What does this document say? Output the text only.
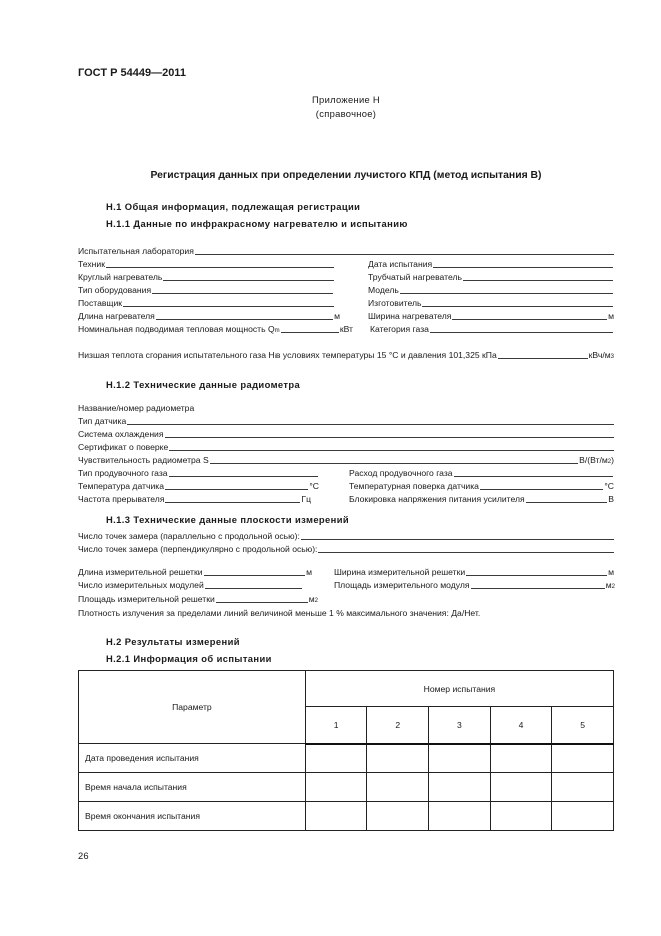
ГОСТ Р 54449—2011
Приложение Н
(справочное)
Регистрация данных при определении лучистого КПД (метод испытания В)
Н.1 Общая информация, подлежащая регистрации
Н.1.1 Данные по инфракрасному нагревателю и испытанию
Испытательная лаборатория
Техник	Дата испытания
Круглый нагреватель	Трубчатый нагреватель
Тип оборудования	Модель
Поставщик	Изготовитель
Длина нагревателя	м	Ширина нагревателя	м
Номинальная подводимая тепловая мощность Q m	кВт Категория газа
Низшая теплота сгорания испытательного газа H i в условиях температуры 15 °С и давления 101,325 кПа	кВч/м 3
Н.1.2 Технические данные радиометра
Название/номер радиометра
Тип датчика
Система охлаждения
Сертификат о поверке
Чувствительность радиометра S	В/(Вт/м 2 )
Тип продувочного газа	Расход продувочного газа
Температура датчика	°С	Температурная поверка датчика	°С
Частота прерывателя	Гц	Блокировка напряжения питания усилителя	В
Н.1.3 Технические данные плоскости измерений
Число точек замера (параллельно с продольной осью):
Число точек замера (перпендикулярно с продольной осью):
Длина измерительной решетки	м	Ширина измерительной решетки	м
Число измерительных модулей	Площадь измерительного модуля	м 2
Площадь измерительной решетки	м 2
Плотность излучения за пределами линий величиной меньше 1 % максимального значения: Да/Нет.
Н.2 Результаты измерений
Н.2.1 Информация об испытании
Параметр	Номер испытания				
	1	2	3	4	5
Дата проведения испытания					
Время начала испытания					
Время окончания испытания					
26
